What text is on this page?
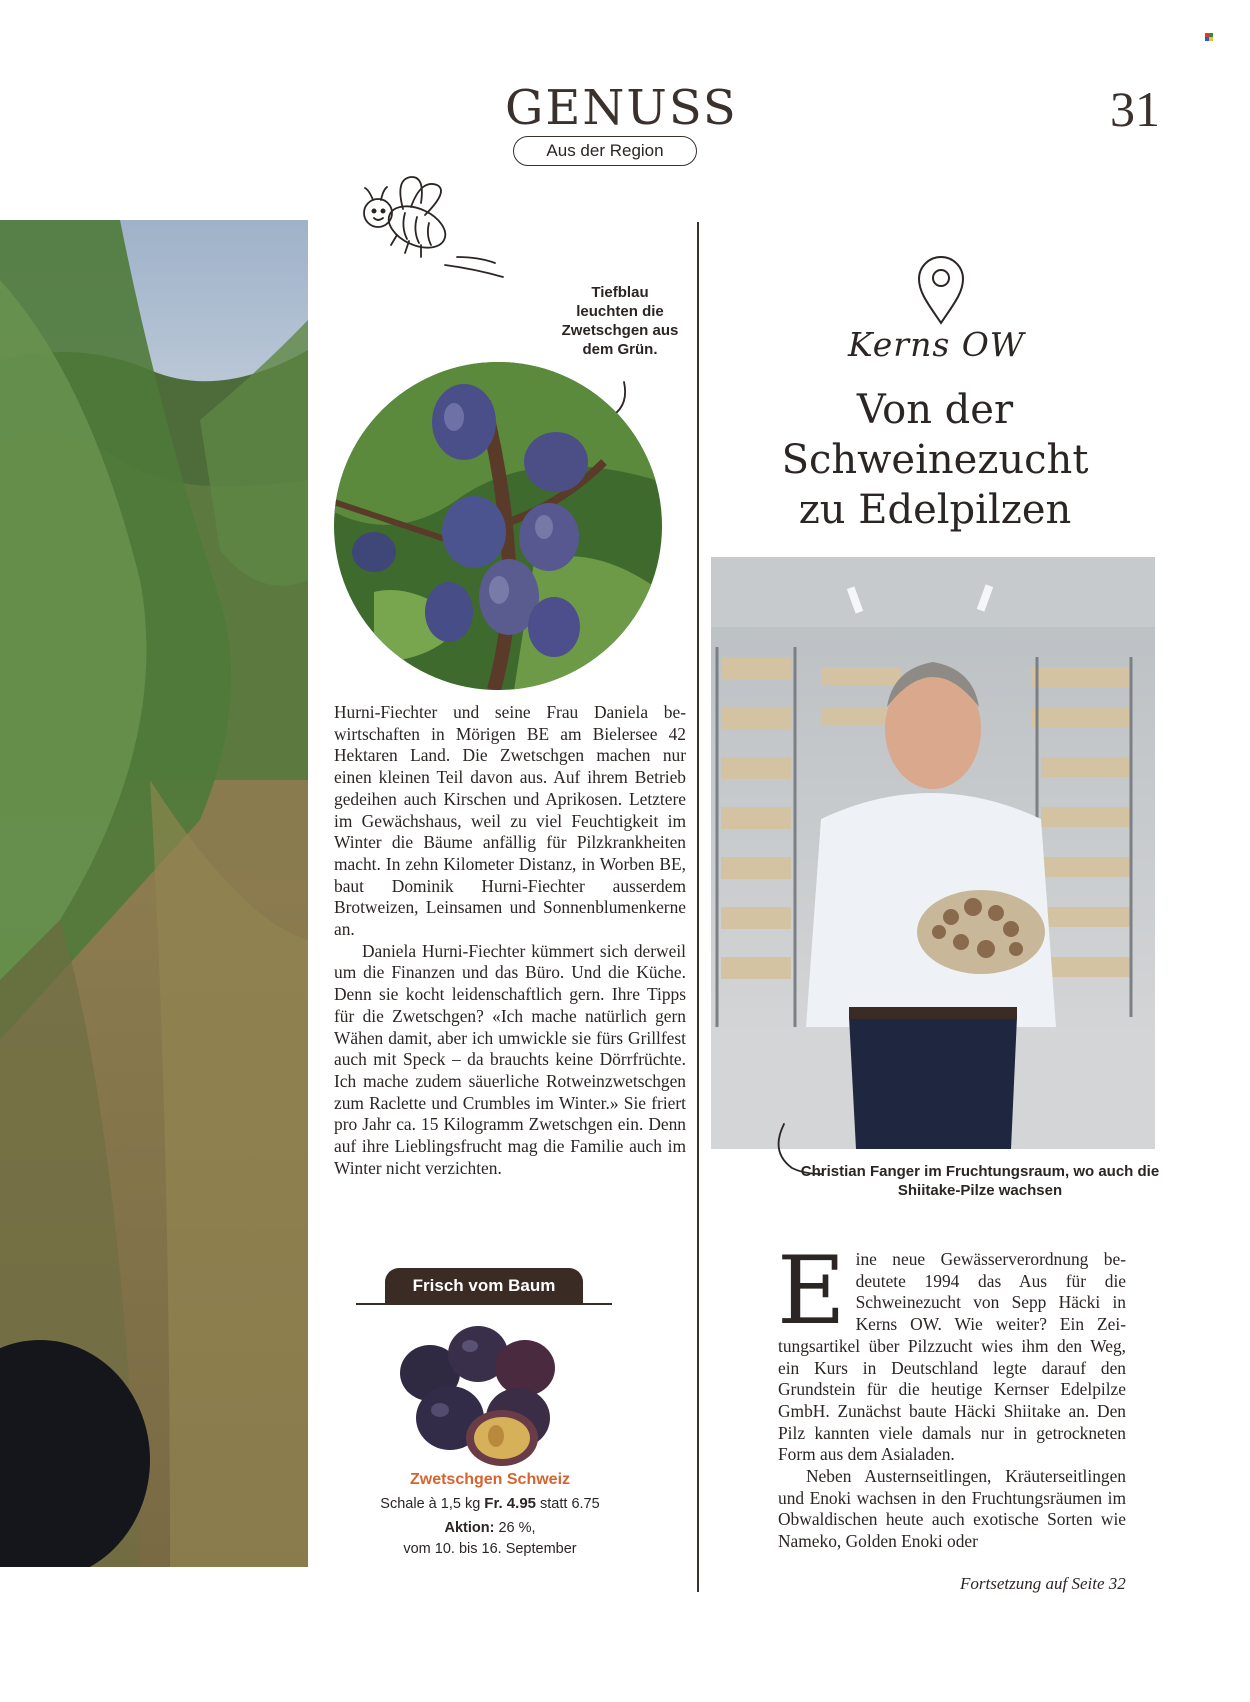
GENUSS	31
Aus der Region
Tiefblau leuchten die Zwetschgen aus dem Grün.

Hurni-Fiechter und seine Frau Daniela bewirtschaften in Mörigen BE am Bielersee 42 Hektaren Land. Die Zwetschgen machen nur einen kleinen Teil davon aus. Auf ihrem Betrieb gedeihen auch Kirschen und Aprikosen. Letztere im Gewächshaus, weil zu viel Feuchtigkeit im Winter die Bäume anfällig für Pilzkrankheiten macht. In zehn Kilometer Distanz, in Worben BE, baut Dominik Hurni-Fiechter ausserdem Brotweizen, Leinsamen und Sonnenblumenkerne an.

Daniela Hurni-Fiechter kümmert sich derweil um die Finanzen und das Büro. Und die Küche. Denn sie kocht leidenschaftlich gern. Ihre Tipps für die Zwetschgen? «Ich mache natürlich gern Wähen damit, aber ich umwickle sie fürs Grillfest auch mit Speck – da brauchts keine Dörrfrüchte. Ich mache zudem säuerliche Rotweinzwetschgen zum Raclette und Crumbles im Winter.» Sie friert pro Jahr ca. 15 Kilogramm Zwetschgen ein. Denn auf ihre Lieblingsfrucht mag die Familie auch im Winter nicht verzichten.

Frisch vom Baum
Zwetschgen Schweiz
Schale à 1,5 kg Fr. 4.95 statt 6.75
Aktion: 26 %,
vom 10. bis 16. September
Kerns OW
Von der
Schweinezucht
zu Edelpilzen
Christian Fanger im Fruchtungsraum, wo auch die Shiitake-Pilze wachsen

Eine neue Gewässerverordnung bedeutete 1994 das Aus für die Schweinezucht von Sepp Häcki in Kerns OW. Wie weiter? Ein Zeitungsartikel über Pilzzucht wies ihm den Weg, ein Kurs in Deutschland legte darauf den Grundstein für die heutige Kernser Edelpilze GmbH. Zunächst baute Häcki Shiitake an. Den Pilz kannten viele damals nur in getrockneten Form aus dem Asialaden.

Neben Austernseitlingen, Kräuterseitlingen und Enoki wachsen in den Fruchtungsräumen im Obwaldischen heute auch exotische Sorten wie Nameko, Golden Enoki oder

Fortsetzung auf Seite 32
